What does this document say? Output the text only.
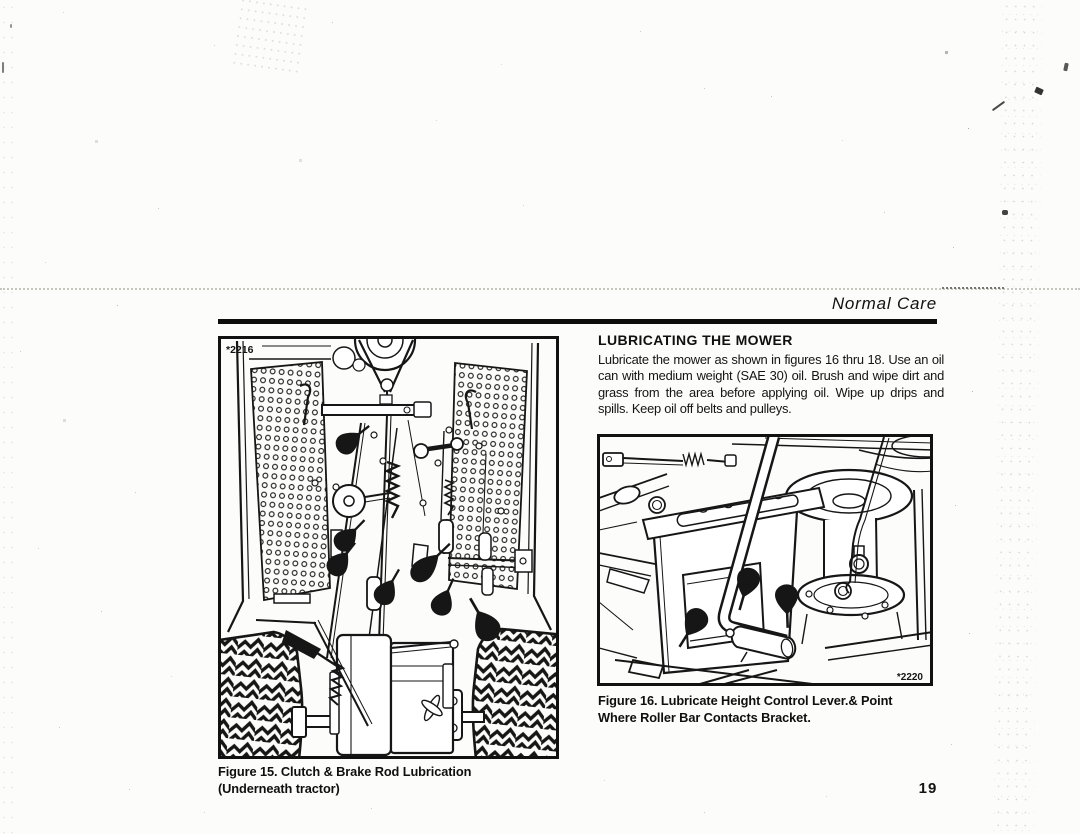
Normal Care
*2216
Figure 15. Clutch & Brake Rod Lubrication
(Underneath tractor)
LUBRICATING THE MOWER
Lubricate the mower as shown in figures 16 thru 18. Use an oil can with medium weight (SAE 30) oil. Brush and wipe dirt and grass from the area before applying oil. Wipe up drips and spills. Keep oil off belts and pulleys.
*2220
Figure 16. Lubricate Height Control Lever.& Point
Where Roller Bar Contacts Bracket.
19
